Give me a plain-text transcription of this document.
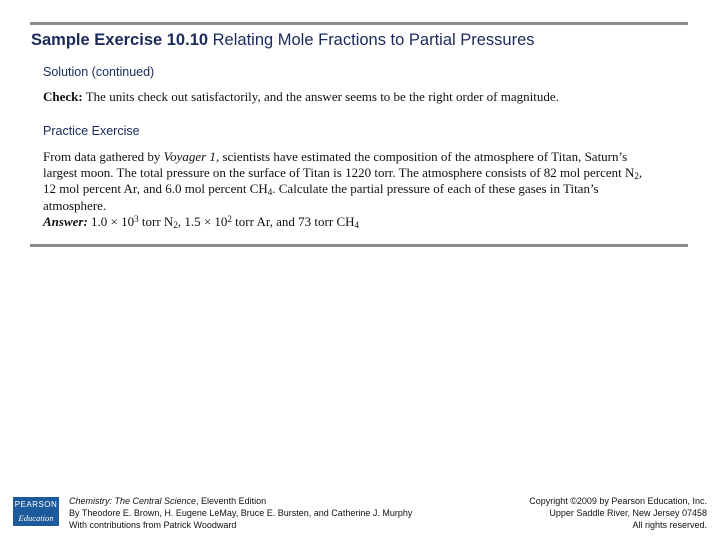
Sample Exercise 10.10 Relating Mole Fractions to Partial Pressures
Solution (continued)
Check: The units check out satisfactorily, and the answer seems to be the right order of magnitude.
Practice Exercise

From data gathered by Voyager 1, scientists have estimated the composition of the atmosphere of Titan, Saturn’s largest moon. The total pressure on the surface of Titan is 1220 torr. The atmosphere consists of 82 mol percent $N_2$, 12 mol percent Ar, and 6.0 mol percent $CH_4$. Calculate the partial pressure of each of these gases in Titan’s atmosphere.

Answer: $1.0 \times 10^3$ torr $N_2$, $1.5 \times 10^2$ torr Ar, and 73 torr $CH_4$

PEARSON
Education
Chemistry: The Central Science, Eleventh Edition
By Theodore E. Brown, H. Eugene LeMay, Bruce E. Bursten, and Catherine J. Murphy
With contributions from Patrick Woodward
Copyright ©2009 by Pearson Education, Inc.
Upper Saddle River, New Jersey 07458
All rights reserved.
